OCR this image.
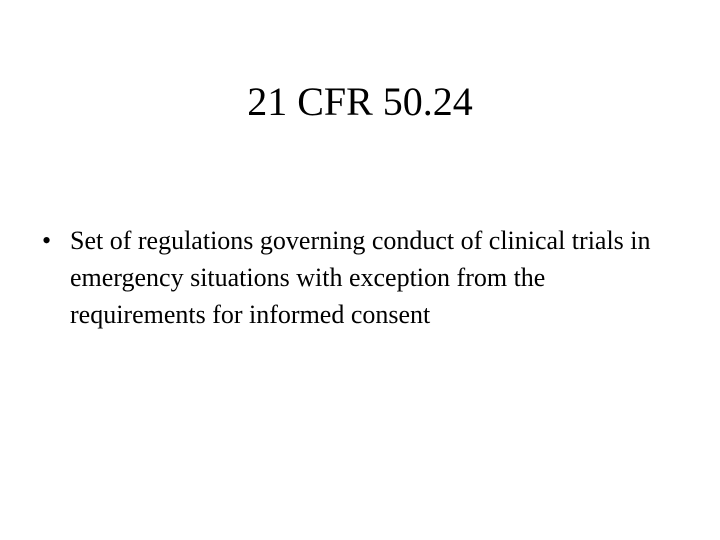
21 CFR 50.24
• Set of regulations governing conduct of clinical trials in emergency situations with exception from the requirements for informed consent
